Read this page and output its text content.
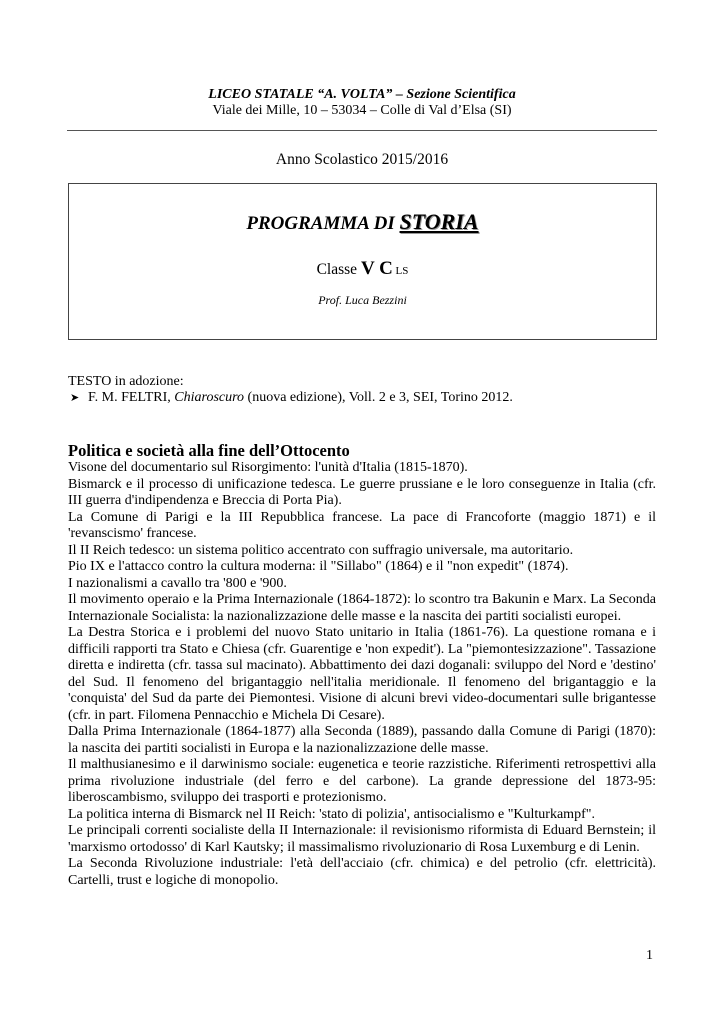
LICEO STATALE “A. VOLTA” – Sezione Scientifica
Viale dei Mille, 10 – 53034 – Colle di Val d’Elsa (SI)
Anno Scolastico 2015/2016
PROGRAMMA DI STORIA
Classe V C LS
Prof. Luca Bezzini
TESTO in adozione:
➤ F. M. FELTRI, Chiaroscuro (nuova edizione), Voll. 2 e 3, SEI, Torino 2012.
Politica e società alla fine dell’Ottocento

Visone del documentario sul Risorgimento: l'unità d'Italia (1815-1870).

Bismarck e il processo di unificazione tedesca. Le guerre prussiane e le loro conseguenze in Italia (cfr. III guerra d'indipendenza e Breccia di Porta Pia).

La Comune di Parigi e la III Repubblica francese. La pace di Francoforte (maggio 1871) e il 'revanscismo' francese.

Il II Reich tedesco: un sistema politico accentrato con suffragio universale, ma autoritario.

Pio IX e l'attacco contro la cultura moderna: il "Sillabo" (1864) e il "non expedit" (1874).

I nazionalismi a cavallo tra '800 e '900.

Il movimento operaio e la Prima Internazionale (1864-1872): lo scontro tra Bakunin e Marx. La Seconda Internazionale Socialista: la nazionalizzazione delle masse e la nascita dei partiti socialisti europei.

La Destra Storica e i problemi del nuovo Stato unitario in Italia (1861-76). La questione romana e i difficili rapporti tra Stato e Chiesa (cfr. Guarentige e 'non expedit'). La "piemontesizzazione". Tassazione diretta e indiretta (cfr. tassa sul macinato). Abbattimento dei dazi doganali: sviluppo del Nord e 'destino' del Sud. Il fenomeno del brigantaggio nell'italia meridionale. Il fenomeno del brigantaggio e la 'conquista' del Sud da parte dei Piemontesi. Visione di alcuni brevi video-documentari sulle brigantesse (cfr. in part. Filomena Pennacchio e Michela Di Cesare).

Dalla Prima Internazionale (1864-1877) alla Seconda (1889), passando dalla Comune di Parigi (1870): la nascita dei partiti socialisti in Europa e la nazionalizzazione delle masse.

Il malthusianesimo e il darwinismo sociale: eugenetica e teorie razzistiche. Riferimenti retrospettivi alla prima rivoluzione industriale (del ferro e del carbone). La grande depressione del 1873-95: liberoscambismo, sviluppo dei trasporti e protezionismo.

La politica interna di Bismarck nel II Reich: 'stato di polizia', antisocialismo e "Kulturkampf".

Le principali correnti socialiste della II Internazionale: il revisionismo riformista di Eduard Bernstein; il 'marxismo ortodosso' di Karl Kautsky; il massimalismo rivoluzionario di Rosa Luxemburg e di Lenin.

La Seconda Rivoluzione industriale: l'età dell'acciaio (cfr. chimica) e del petrolio (cfr. elettricità). Cartelli, trust e logiche di monopolio.

1
